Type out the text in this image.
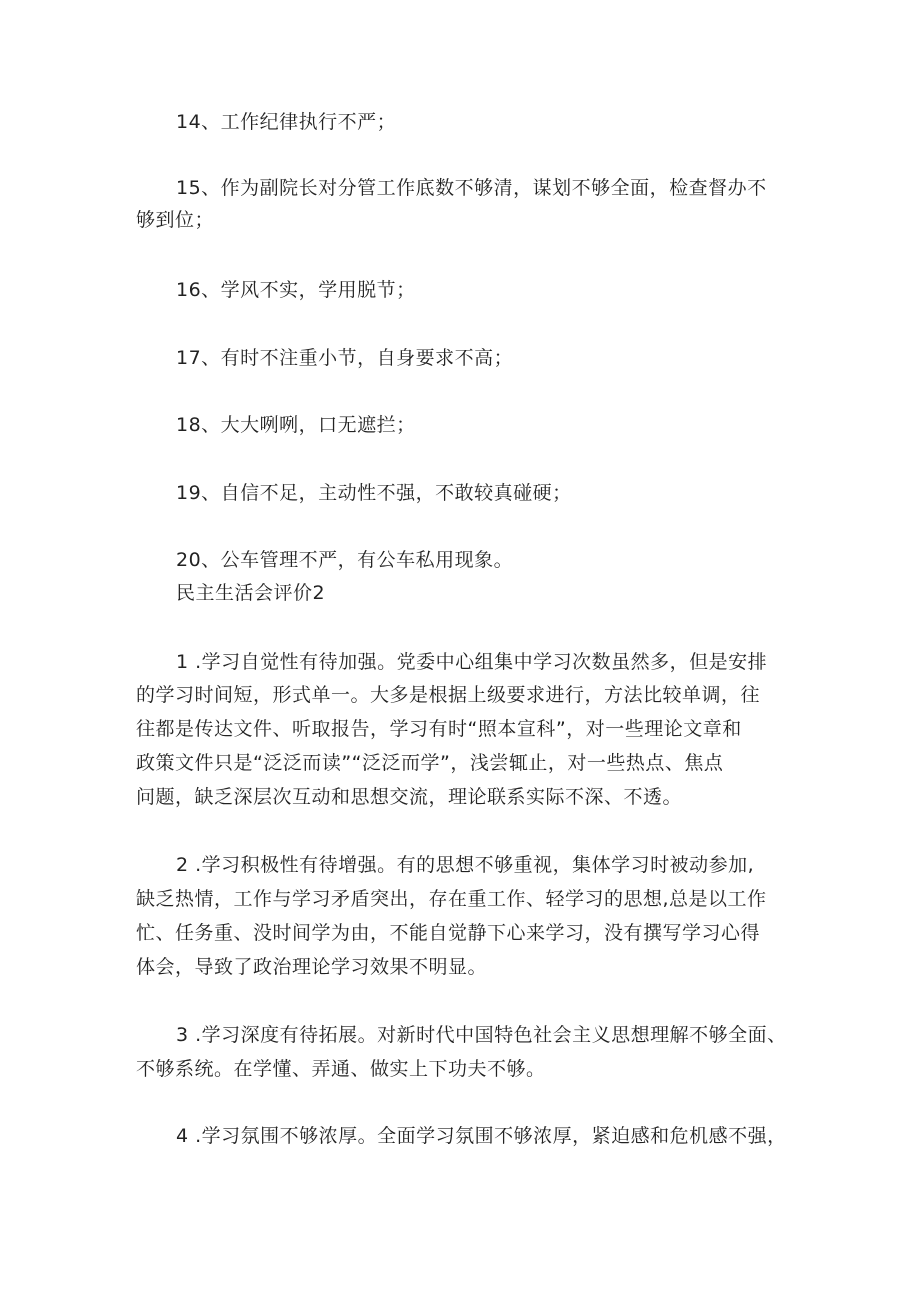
14、工作纪律执行不严；
15、作为副院长对分管工作底数不够清，谋划不够全面，检查督办不
够到位；
16、学风不实，学用脱节；
17、有时不注重小节，自身要求不高；
18、大大咧咧，口无遮拦；
19、自信不足，主动性不强，不敢较真碰硬；
20、公车管理不严，有公车私用现象。
民主生活会评价2
1 .学习自觉性有待加强。党委中心组集中学习次数虽然多，但是安排
的学习时间短，形式单一。大多是根据上级要求进行，方法比较单调，往
往都是传达文件、听取报告，学习有时“照本宣科”，对一些理论文章和
政策文件只是“泛泛而读”“泛泛而学”，浅尝辄止，对一些热点、焦点
问题，缺乏深层次互动和思想交流，理论联系实际不深、不透。
2 .学习积极性有待增强。有的思想不够重视，集体学习时被动参加,
缺乏热情，工作与学习矛盾突出，存在重工作、轻学习的思想,总是以工作
忙、任务重、没时间学为由，不能自觉静下心来学习，没有撰写学习心得
体会，导致了政治理论学习效果不明显。
3 .学习深度有待拓展。对新时代中国特色社会主义思想理解不够全面、
不够系统。在学懂、弄通、做实上下功夫不够。
4 .学习氛围不够浓厚。全面学习氛围不够浓厚，紧迫感和危机感不强，
